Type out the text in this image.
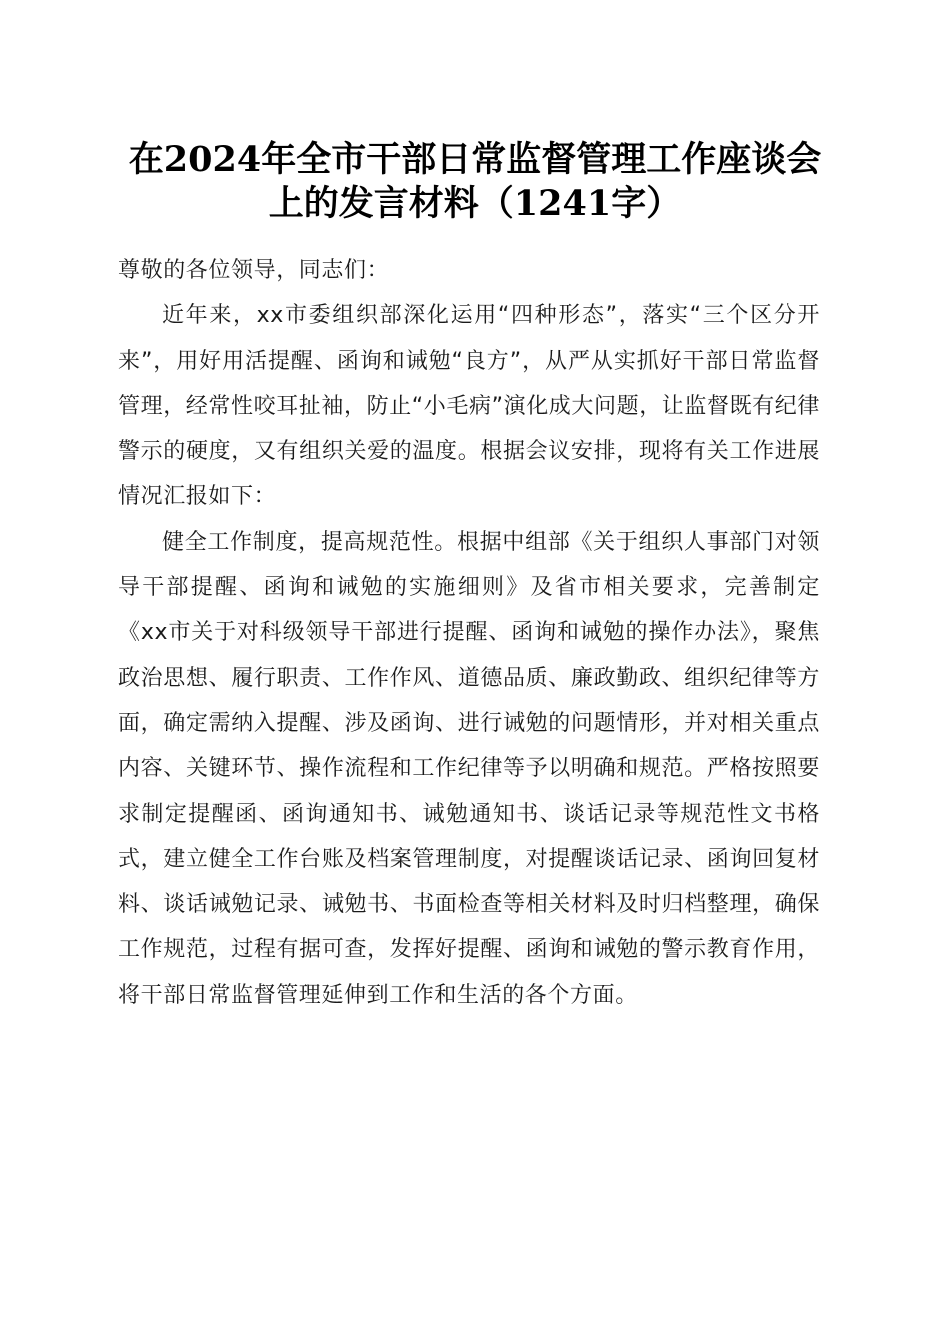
在2024年全市干部日常监督管理工作座谈会
上的发言材料（1241字）

尊敬的各位领导，同志们：

近年来，xx市委组织部深化运用“四种形态”，落实“三个区分开来”，用好用活提醒、函询和诫勉“良方”，从严从实抓好干部日常监督管理，经常性咬耳扯袖，防止“小毛病”演化成大问题，让监督既有纪律警示的硬度，又有组织关爱的温度。根据会议安排，现将有关工作进展情况汇报如下：

健全工作制度，提高规范性。根据中组部《关于组织人事部门对领导干部提醒、函询和诫勉的实施细则》及省市相关要求，完善制定《xx市关于对科级领导干部进行提醒、函询和诫勉的操作办法》，聚焦政治思想、履行职责、工作作风、道德品质、廉政勤政、组织纪律等方面，确定需纳入提醒、涉及函询、进行诫勉的问题情形，并对相关重点内容、关键环节、操作流程和工作纪律等予以明确和规范。严格按照要求制定提醒函、函询通知书、诫勉通知书、谈话记录等规范性文书格式，建立健全工作台账及档案管理制度，对提醒谈话记录、函询回复材料、谈话诫勉记录、诫勉书、书面检查等相关材料及时归档整理，确保工作规范，过程有据可查，发挥好提醒、函询和诫勉的警示教育作用，将干部日常监督管理延伸到工作和生活的各个方面。
